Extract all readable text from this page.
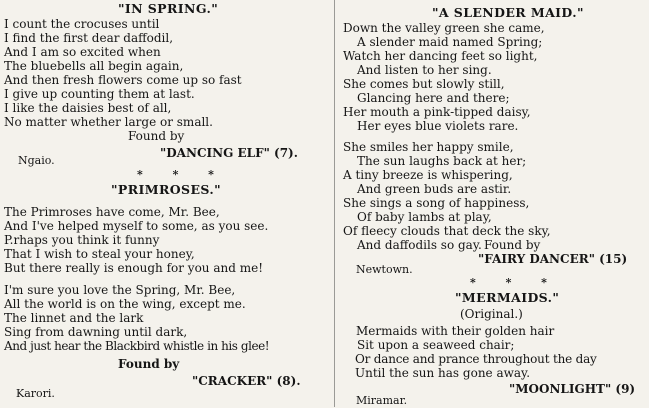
"IN SPRING."
I count the crocuses until
I find the first dear daffodil,
And I am so excited when
The bluebells all begin again,
And then fresh flowers come up so fast
I give up counting them at last.
I like the daisies best of all,
No matter whether large or small.
Found by
"DANCING ELF" (7).
Ngaio.
* * *
"PRIMROSES."
The Primroses have come, Mr. Bee,
And I've helped myself to some, as you see.
P.rhaps you think it funny
That I wish to steal your honey,
But there really is enough for you and me!
I'm sure you love the Spring, Mr. Bee,
All the world is on the wing, except me.
The linnet and the lark
Sing from dawning until dark,
And just hear the Blackbird whistle in his glee!
Found by
"CRACKER" (8).
Karori.
"A SLENDER MAID."
Down the valley green she came,
A slender maid named Spring;
Watch her dancing feet so light,
And listen to her sing.
She comes but slowly still,
Glancing here and there;
Her mouth a pink-tipped daisy,
Her eyes blue violets rare.
She smiles her happy smile,
The sun laughs back at her;
A tiny breeze is whispering,
And green buds are astir.
She sings a song of happiness,
Of baby lambs at play,
Of fleecy clouds that deck the sky,
And daffodils so gay. Found by
"FAIRY DANCER" (15)
Newtown.
* * *
"MERMAIDS."
(Original.)
Mermaids with their golden hair
Sit upon a seaweed chair;
Or dance and prance throughout the day
Until the sun has gone away.
"MOONLIGHT" (9)
Miramar.
